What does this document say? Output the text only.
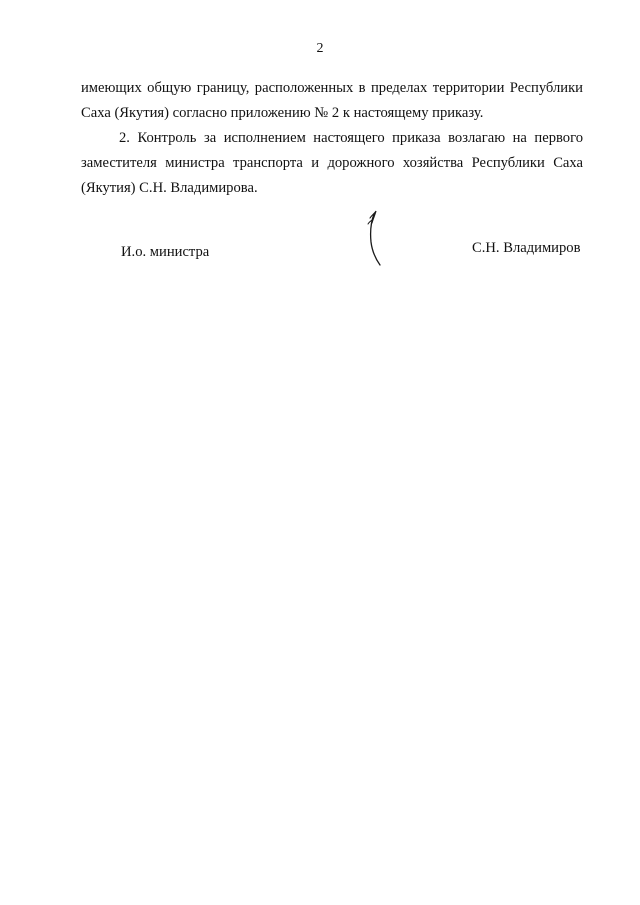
2

имеющих общую границу, расположенных в пределах территории Республики Саха (Якутия) согласно приложению № 2 к настоящему приказу.

2. Контроль за исполнением настоящего приказа возлагаю на первого заместителя министра транспорта и дорожного хозяйства Республики Саха (Якутия) С.Н. Владимирова.

И.о. министра	С.Н. Владимиров
